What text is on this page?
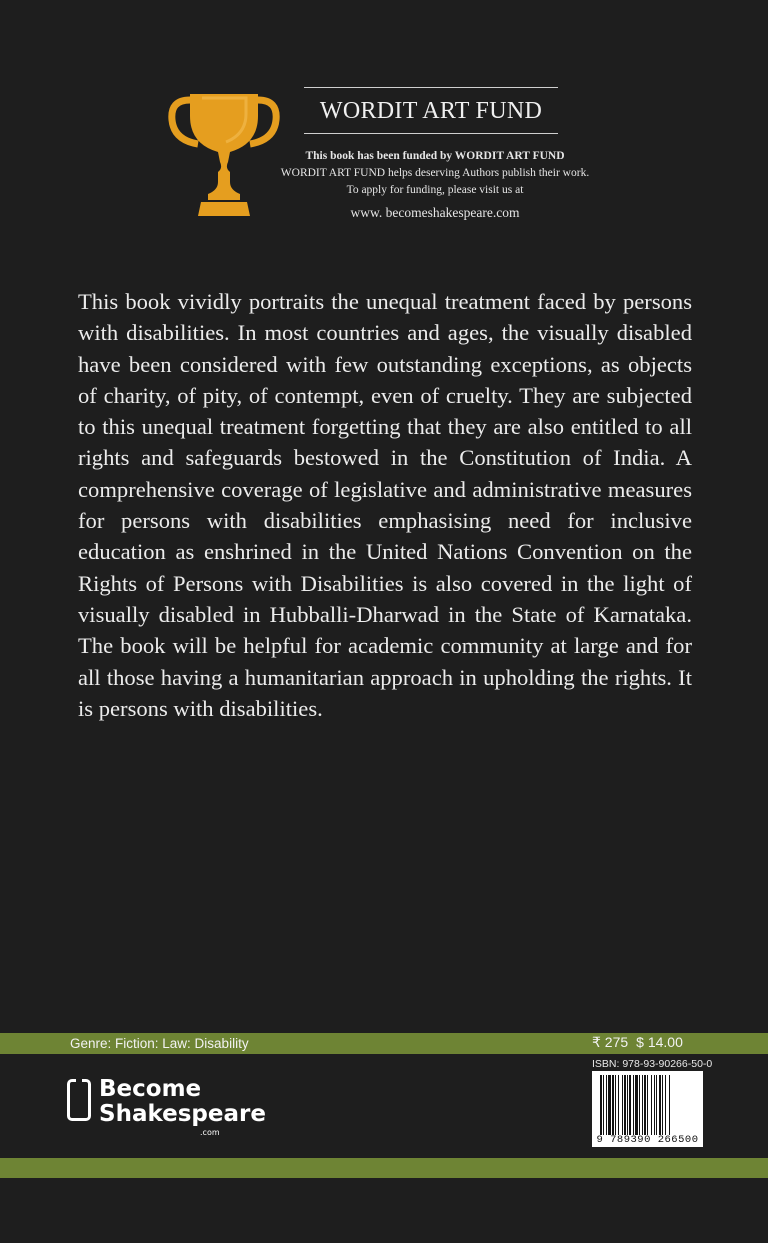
WORDIT ART FUND
This book has been funded by WORDIT ART FUND
WORDIT ART FUND helps deserving Authors publish their work.
To apply for funding, please visit us at
www. becomeshakespeare.com

This book vividly portraits the unequal treatment faced by persons with disabilities. In most countries and ages, the visually disabled have been considered with few outstanding exceptions, as objects of charity, of pity, of contempt, even of cruelty. They are subjected to this unequal treatment forgetting that they are also entitled to all rights and safeguards bestowed in the Constitution of India. A comprehensive coverage of legislative and administrative measures for persons with disabilities emphasising need for inclusive education as enshrined in the United Nations Convention on the Rights of Persons with Disabilities is also covered in the light of visually disabled in Hubballi-Dharwad in the State of Karnataka. The book will be helpful for academic community at large and for all those having a humanitarian approach in upholding the rights. It is persons with disabilities.

Genre: Fiction: Law: Disability	₹ 275 $ 14.00
Become
Shakespeare
.com
ISBN: 978-93-90266-50-0
9 789390 266500
